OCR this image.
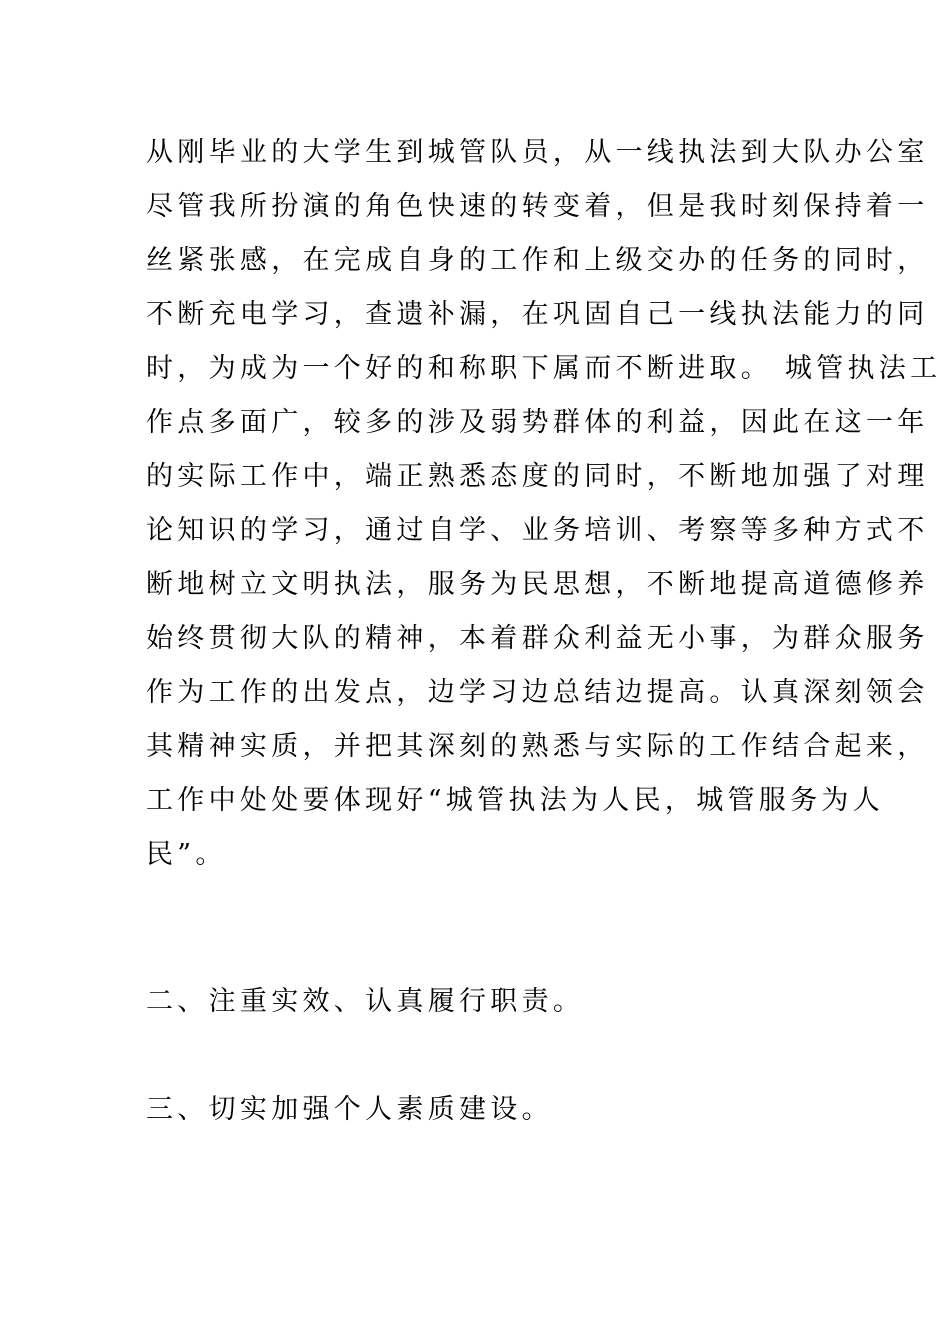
从刚毕业的大学生到城管队员，从一线执法到大队办公室
尽管我所扮演的角色快速的转变着，但是我时刻保持着一
丝紧张感，在完成自身的工作和上级交办的任务的同时，
不断充电学习，查遗补漏，在巩固自己一线执法能力的同
时，为成为一个好的和称职下属而不断进取。 城管执法工
作点多面广，较多的涉及弱势群体的利益，因此在这一年
的实际工作中，端正熟悉态度的同时，不断地加强了对理
论知识的学习，通过自学、业务培训、考察等多种方式不
断地树立文明执法，服务为民思想，不断地提高道德修养
始终贯彻大队的精神，本着群众利益无小事，为群众服务
作为工作的出发点，边学习边总结边提高。认真深刻领会
其精神实质，并把其深刻的熟悉与实际的工作结合起来，
工作中处处要体现好“城管执法为人民，城管服务为人
民”。
二、注重实效、认真履行职责。
三、切实加强个人素质建设。
